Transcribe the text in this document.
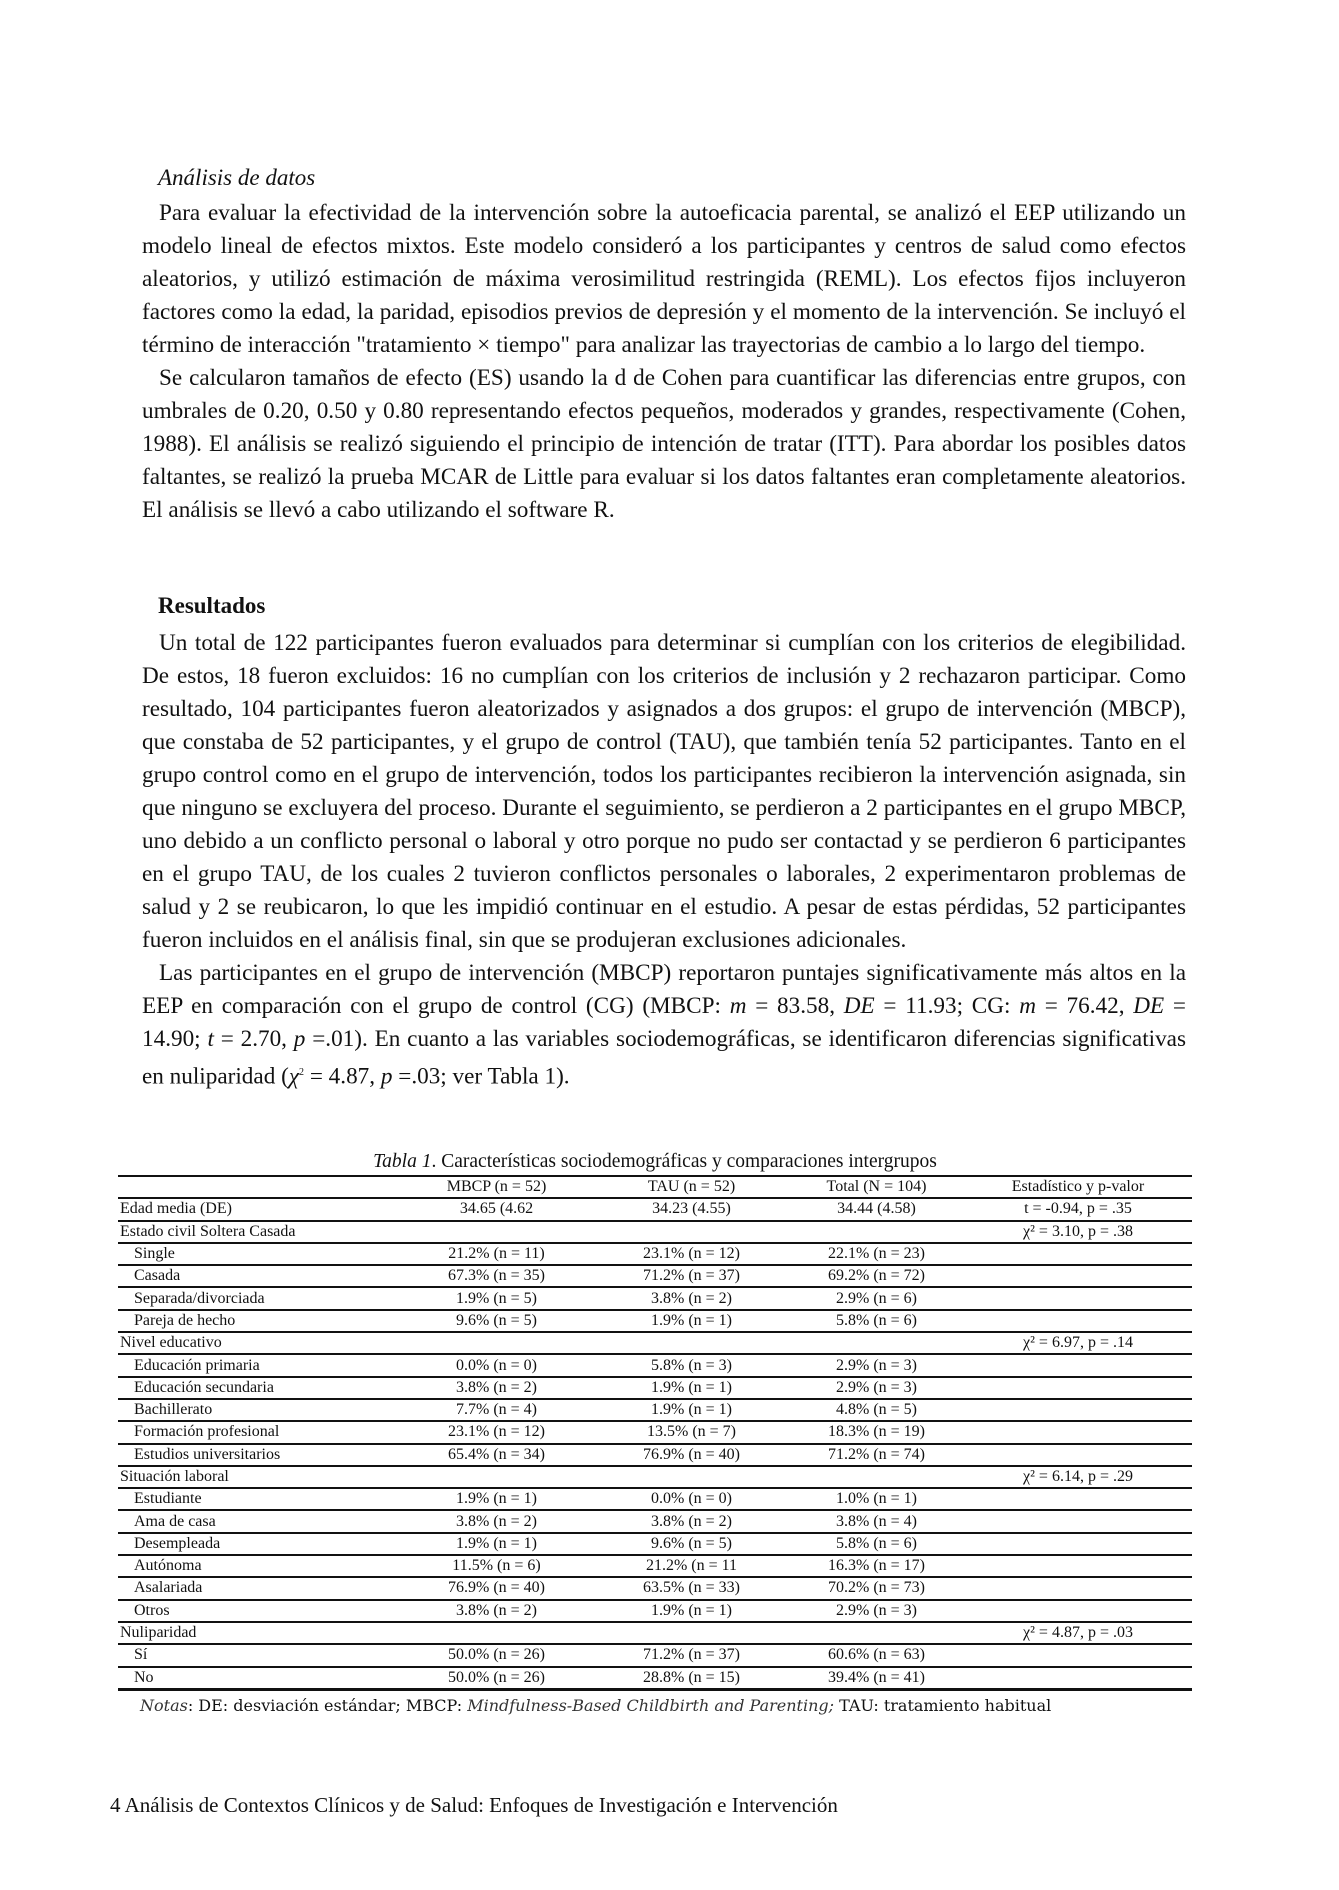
Análisis de datos

Para evaluar la efectividad de la intervención sobre la autoeficacia parental, se analizó el EEP utilizando un modelo lineal de efectos mixtos. Este modelo consideró a los participantes y centros de salud como efectos aleatorios, y utilizó estimación de máxima verosimilitud restringida (REML). Los efectos fijos incluyeron factores como la edad, la paridad, episodios previos de depresión y el momento de la intervención. Se incluyó el término de interacción "tratamiento × tiempo" para analizar las trayectorias de cambio a lo largo del tiempo.

Se calcularon tamaños de efecto (ES) usando la d de Cohen para cuantificar las diferencias entre grupos, con umbrales de 0.20, 0.50 y 0.80 representando efectos pequeños, moderados y grandes, respectivamente (Cohen, 1988). El análisis se realizó siguiendo el principio de intención de tratar (ITT). Para abordar los posibles datos faltantes, se realizó la prueba MCAR de Little para evaluar si los datos faltantes eran completamente aleatorios. El análisis se llevó a cabo utilizando el software R.

Resultados

Un total de 122 participantes fueron evaluados para determinar si cumplían con los criterios de elegibilidad. De estos, 18 fueron excluidos: 16 no cumplían con los criterios de inclusión y 2 rechazaron participar. Como resultado, 104 participantes fueron aleatorizados y asignados a dos grupos: el grupo de intervención (MBCP), que constaba de 52 participantes, y el grupo de control (TAU), que también tenía 52 participantes. Tanto en el grupo control como en el grupo de intervención, todos los participantes recibieron la intervención asignada, sin que ninguno se excluyera del proceso. Durante el seguimiento, se perdieron a 2 participantes en el grupo MBCP, uno debido a un conflicto personal o laboral y otro porque no pudo ser contactad y se perdieron 6 participantes en el grupo TAU, de los cuales 2 tuvieron conflictos personales o laborales, 2 experimentaron problemas de salud y 2 se reubicaron, lo que les impidió continuar en el estudio. A pesar de estas pérdidas, 52 participantes fueron incluidos en el análisis final, sin que se produjeran exclusiones adicionales.

Las participantes en el grupo de intervención (MBCP) reportaron puntajes significativamente más altos en la EEP en comparación con el grupo de control (CG) (MBCP: m = 83.58, DE = 11.93; CG: m = 76.42, DE = 14.90; t = 2.70, p =.01). En cuanto a las variables sociodemográficas, se identificaron diferencias significativas en nuliparidad ($\chi^2 = 4.87$, p =.03; ver Tabla 1).

Tabla 1. Características sociodemográficas y comparaciones intergrupos
	MBCP (n = 52)	TAU (n = 52)	Total (N = 104)	Estadístico y p-valor
Edad media (DE)	34.65 (4.62	34.23 (4.55)	34.44 (4.58)	t = -0.94, p = .35
Estado civil Soltera Casada				χ² = 3.10, p = .38
Single	21.2% (n = 11)	23.1% (n = 12)	22.1% (n = 23)	
Casada	67.3% (n = 35)	71.2% (n = 37)	69.2% (n = 72)	
Separada/divorciada	1.9% (n = 5)	3.8% (n = 2)	2.9% (n = 6)	
Pareja de hecho	9.6% (n = 5)	1.9% (n = 1)	5.8% (n = 6)	
Nivel educativo				χ² = 6.97, p = .14
Educación primaria	0.0% (n = 0)	5.8% (n = 3)	2.9% (n = 3)	
Educación secundaria	3.8% (n = 2)	1.9% (n = 1)	2.9% (n = 3)	
Bachillerato	7.7% (n = 4)	1.9% (n = 1)	4.8% (n = 5)	
Formación profesional	23.1% (n = 12)	13.5% (n = 7)	18.3% (n = 19)	
Estudios universitarios	65.4% (n = 34)	76.9% (n = 40)	71.2% (n = 74)	
Situación laboral				χ² = 6.14, p = .29
Estudiante	1.9% (n = 1)	0.0% (n = 0)	1.0% (n = 1)	
Ama de casa	3.8% (n = 2)	3.8% (n = 2)	3.8% (n = 4)	
Desempleada	1.9% (n = 1)	9.6% (n = 5)	5.8% (n = 6)	
Autónoma	11.5% (n = 6)	21.2% (n = 11	16.3% (n = 17)	
Asalariada	76.9% (n = 40)	63.5% (n = 33)	70.2% (n = 73)	
Otros	3.8% (n = 2)	1.9% (n = 1)	2.9% (n = 3)	
Nuliparidad				χ² = 4.87, p = .03
Sí	50.0% (n = 26)	71.2% (n = 37)	60.6% (n = 63)	
No	50.0% (n = 26)	28.8% (n = 15)	39.4% (n = 41)	
Notas: DE: desviación estándar; MBCP: Mindfulness-Based Childbirth and Parenting; TAU: tratamiento habitual
4 Análisis de Contextos Clínicos y de Salud: Enfoques de Investigación e Intervención
